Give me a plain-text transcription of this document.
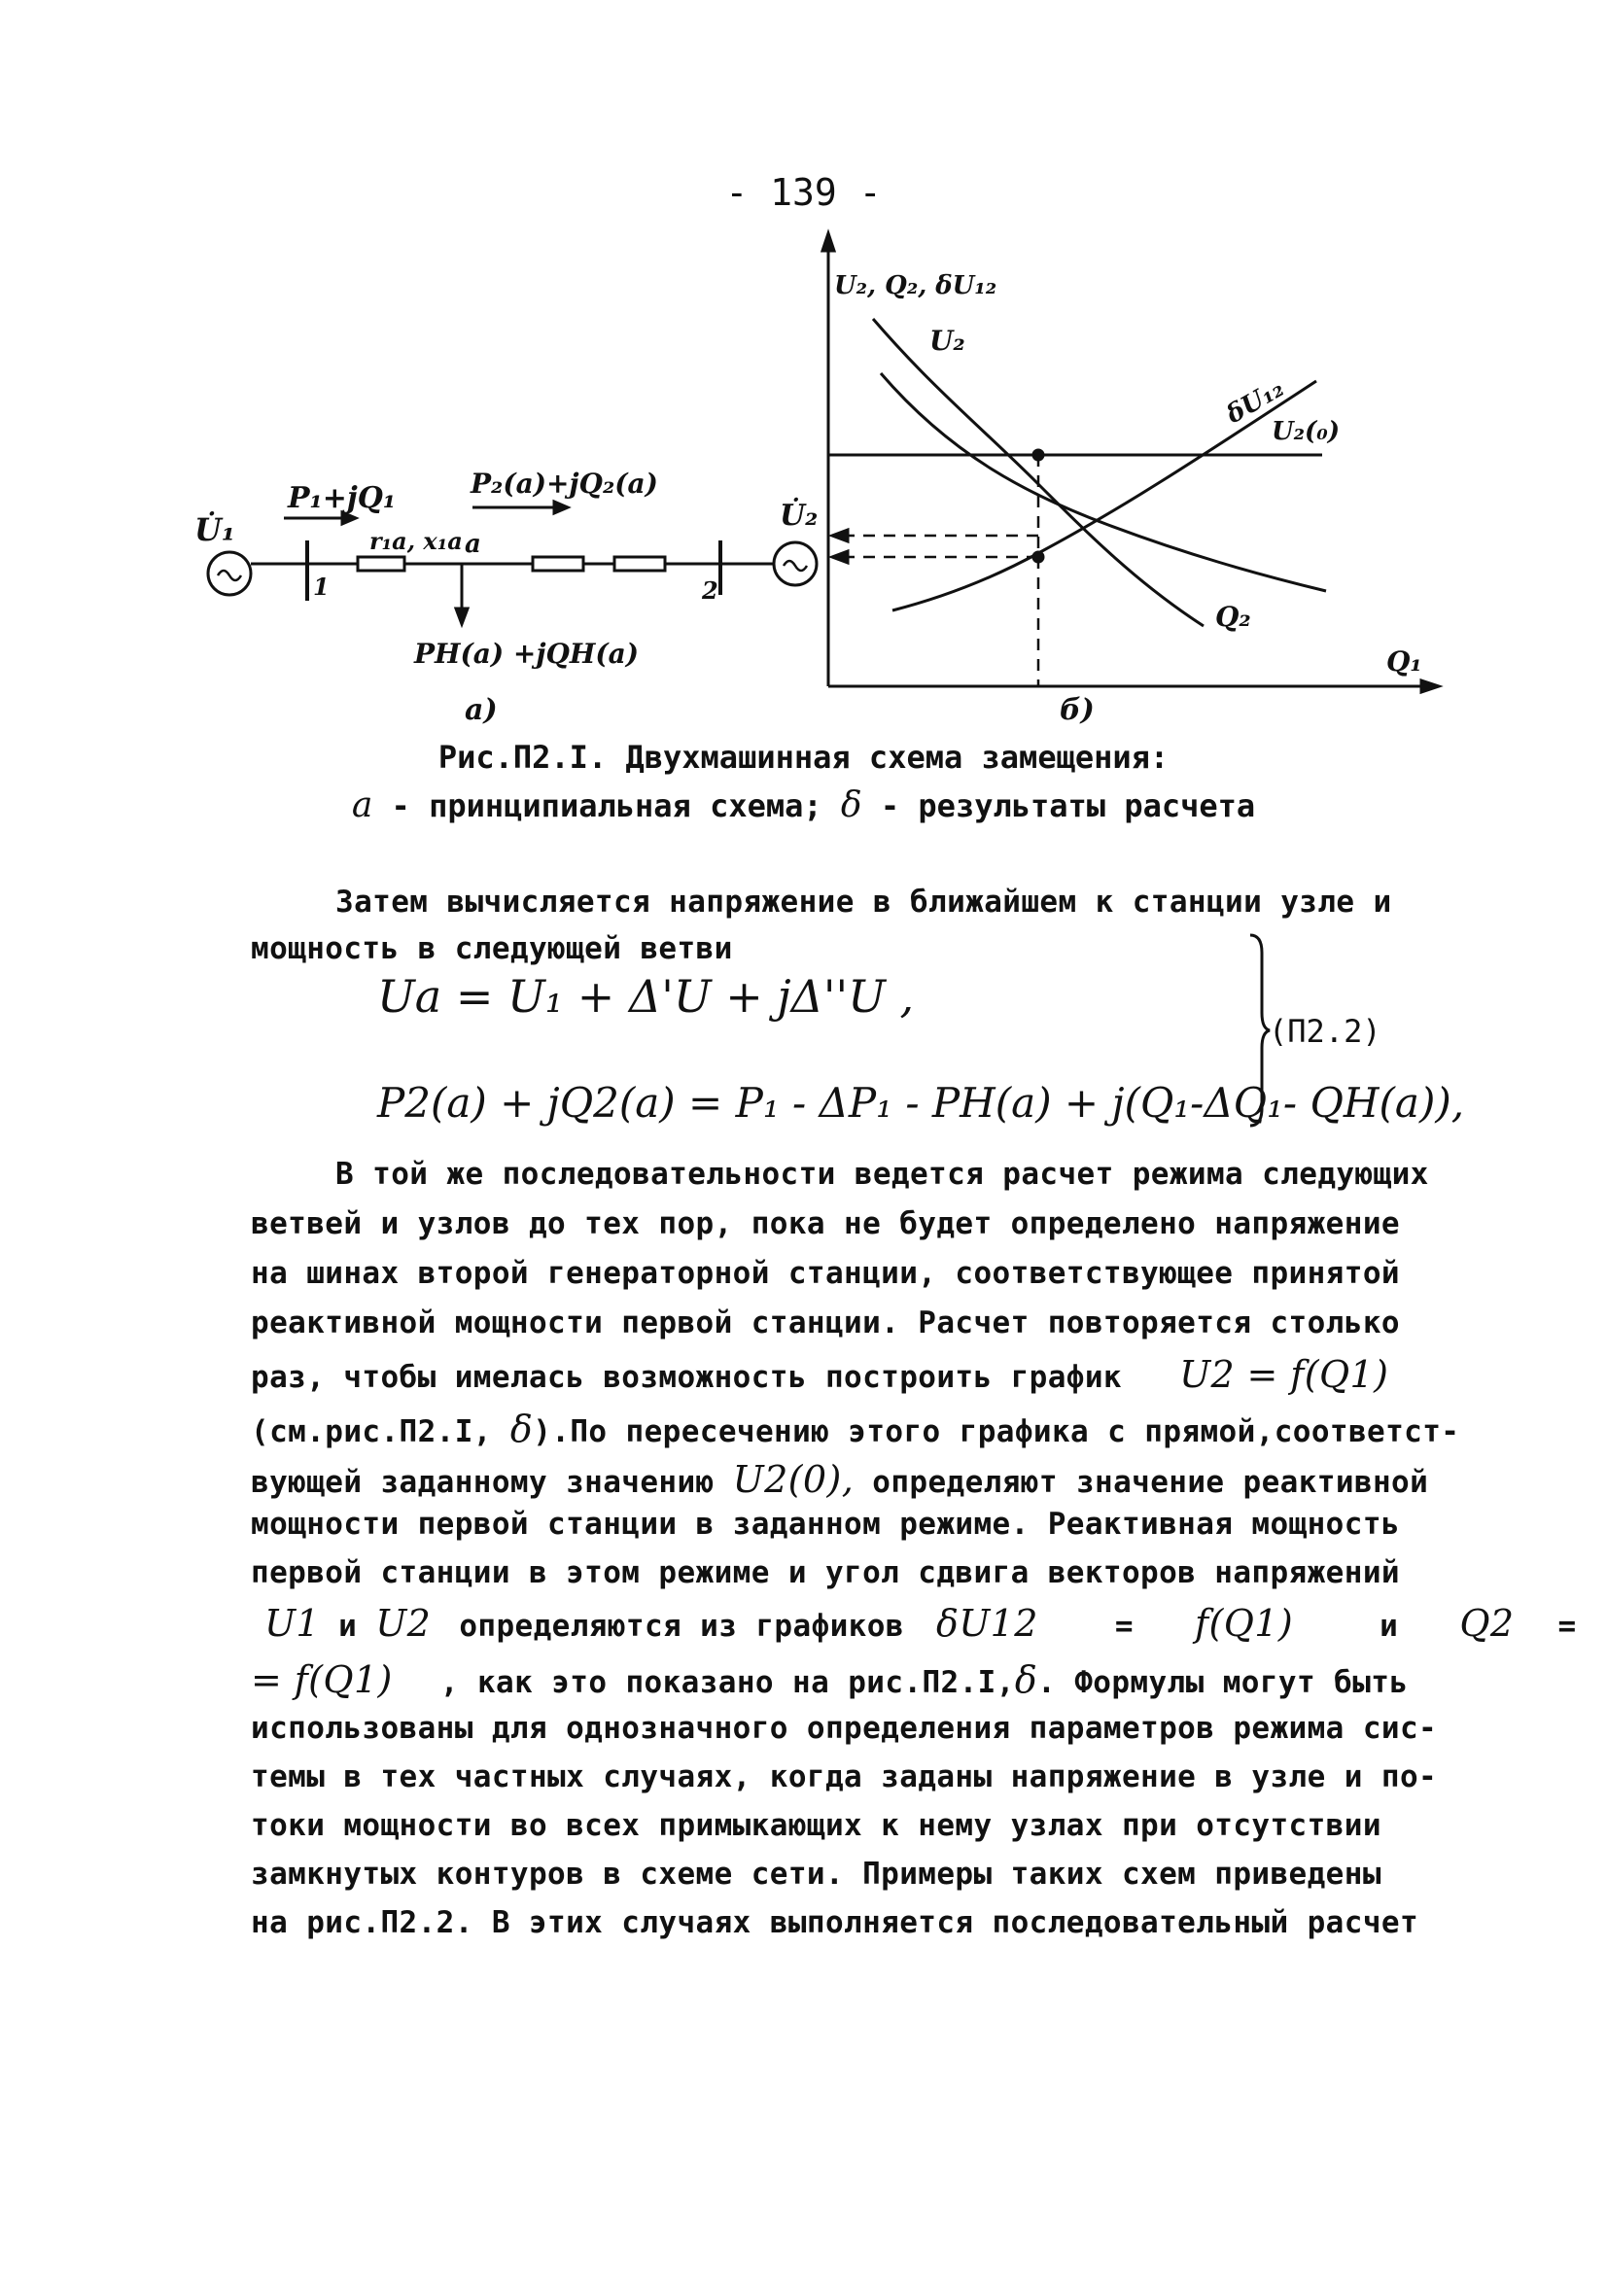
- 139 -
U̇₁
P₁+jQ₁	P₂(a)+jQ₂(a)
r₁a, x₁a a
1	2
U̇₂
PH(a) +jQH(a)
а)
U₂, Q₂, δU₁₂
Q₁
U₂
δU₁₂
U₂(₀)
Q₂
б)
Рис.П2.I. Двухмашинная схема замещения:
а - принципиальная схема; δ - результаты расчета
Затем вычисляется напряжение в ближайшем к станции узле и
мощность в следующей ветви
Ua = U₁ + Δ'U + jΔ''U ,
P2(a) + jQ2(a) = P₁ - ΔP₁ - PH(a) + j(Q₁-ΔQ₁- QH(a)),
(П2.2)
В той же последовательности ведется расчет режима следующих
ветвей и узлов до тех пор, пока не будет определено напряжение
на шинах второй генераторной станции, соответствующее принятой
реактивной мощности первой станции. Расчет повторяется столько
раз, чтобы имелась возможность построить график U2 = f(Q1)
(см.рис.П2.I, δ).По пересечению этого графика с прямой,соответст-
вующей заданному значению U2(0), определяют значение реактивной
мощности первой станции в заданном режиме. Реактивная мощность
первой станции в этом режиме и угол сдвига векторов напряжений
U1 и U2 определяются из графиков δU12	= f(Q1)	и Q2 =
= f(Q1) , как это показано на рис.П2.I,δ. Формулы могут быть
использованы для однозначного определения параметров режима сис-
темы в тех частных случаях, когда заданы напряжение в узле и по-
токи мощности во всех примыкающих к нему узлах при отсутствии
замкнутых контуров в схеме сети. Примеры таких схем приведены
на рис.П2.2. В этих случаях выполняется последовательный расчет
